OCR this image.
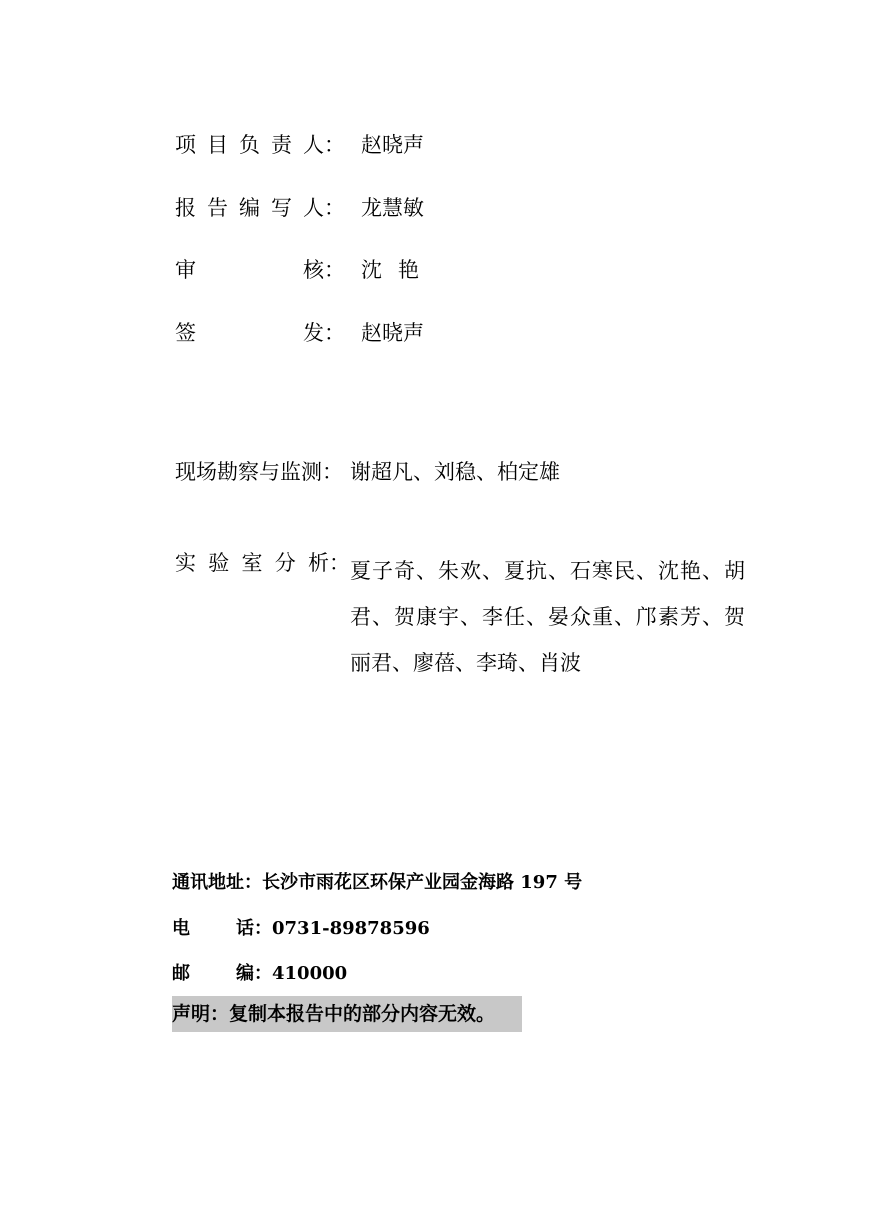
项 目 负 责 人： 赵晓声
报 告 编 写 人： 龙慧敏
审	核： 沈艳
签	发： 赵晓声
现场勘察与监测： 谢超凡、刘稳、柏定雄
实 验 室 分 析： 夏子奇、朱欢、夏抗、石寒民、沈艳、胡
君、贺康宇、李任、晏众重、邝素芳、贺
丽君、廖蓓、李琦、肖波
通讯地址：长沙市雨花区环保产业园金海路 197 号
电	话： 0731-89878596
邮	编： 410000
声明：复制本报告中的部分内容无效。
